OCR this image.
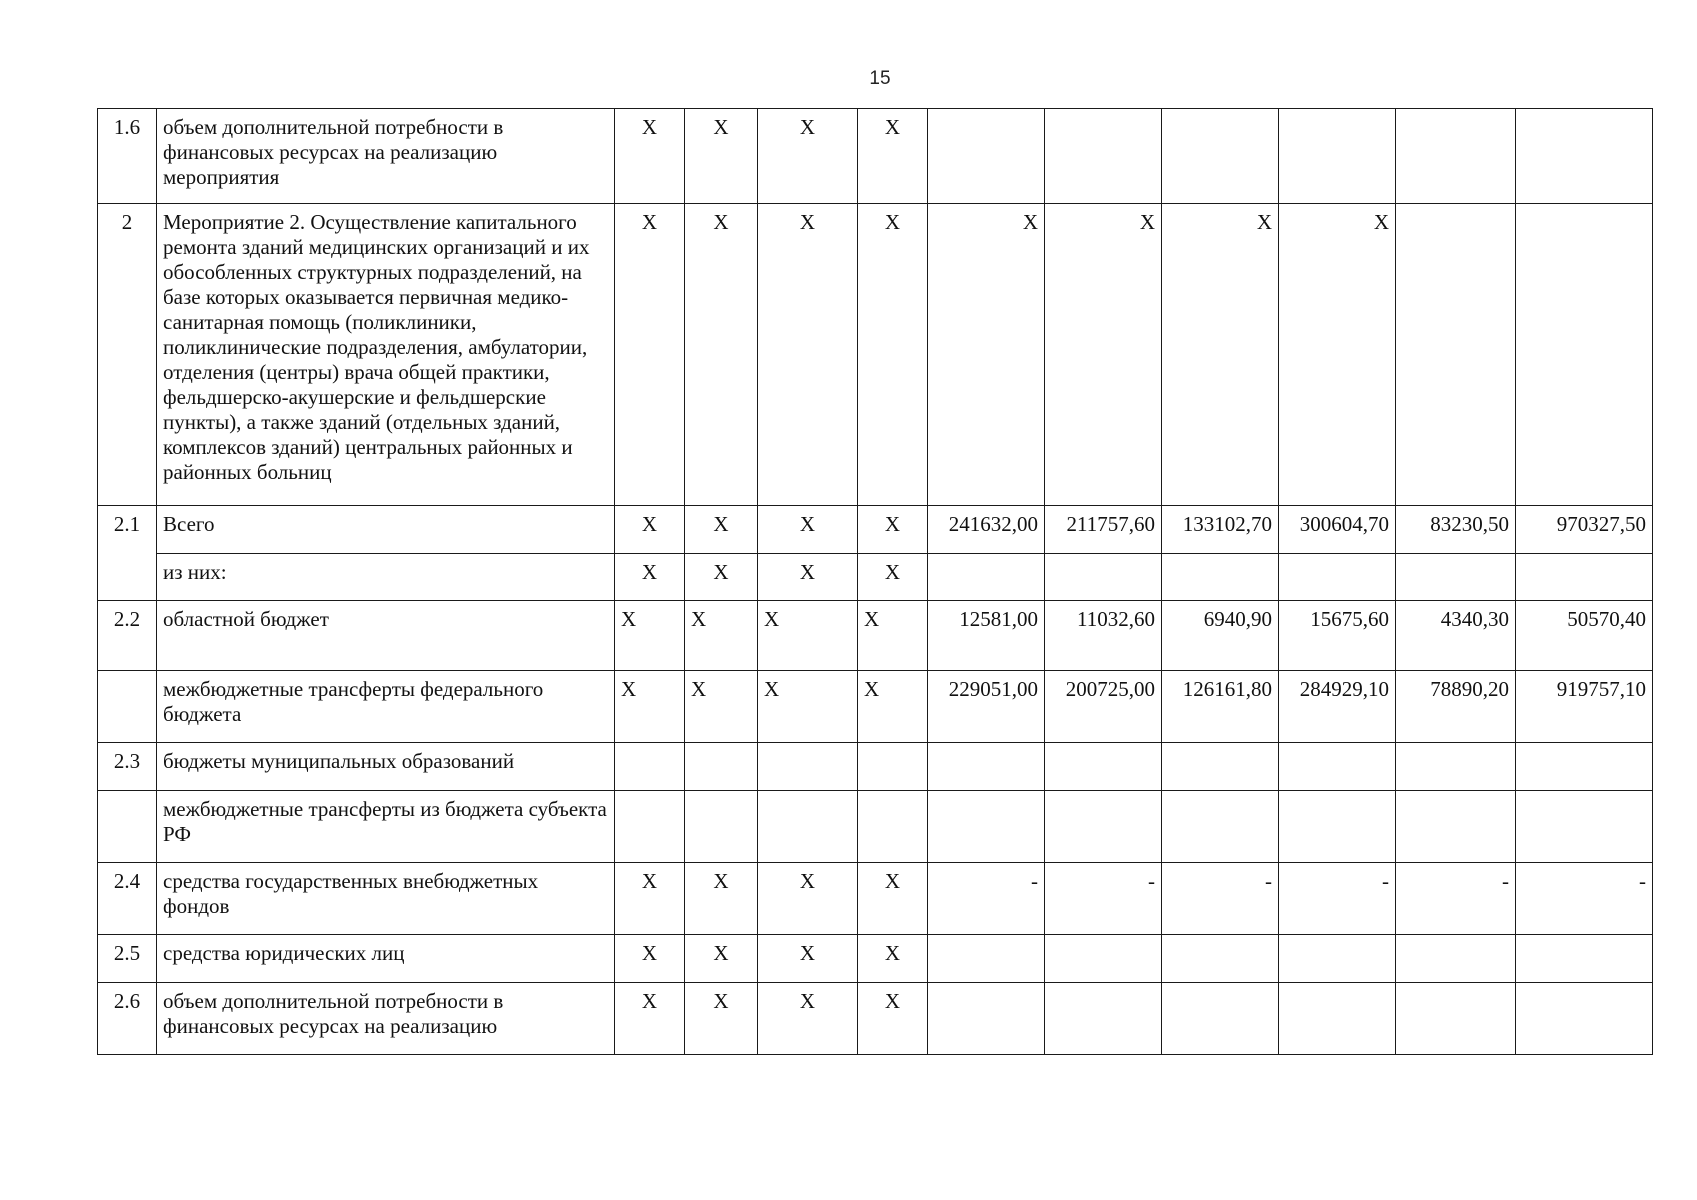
15
1.6	объем дополнительной потребности в финансовых ресурсах на реализацию мероприятия	Х	Х	Х	Х						
2	Мероприятие 2. Осуществление капитального ремонта зданий медицинских организаций и их обособленных структурных подразделений, на базе которых оказывается первичная медико-санитарная помощь (поликлиники, поликлинические подразделения, амбулатории, отделения (центры) врача общей практики, фельдшерско-акушерские и фельдшерские пункты), а также зданий (отдельных зданий, комплексов зданий) центральных районных и районных больниц	Х	Х	Х	Х	Х	Х	Х	Х		
2.1	Всего	Х	Х	Х	Х	241632,00	211757,60	133102,70	300604,70	83230,50	970327,50
	из них:	Х	Х	Х	Х						
2.2	областной бюджет	Х	Х	Х	Х	12581,00	11032,60	6940,90	15675,60	4340,30	50570,40
	межбюджетные трансферты федерального бюджета	Х	Х	Х	Х	229051,00	200725,00	126161,80	284929,10	78890,20	919757,10
2.3	бюджеты муниципальных образований										
	межбюджетные трансферты из бюджета субъекта РФ										
2.4	средства государственных внебюджетных фондов	Х	Х	Х	Х	-	-	-	-	-	-
2.5	средства юридических лиц	Х	Х	Х	Х						
2.6	объем дополнительной потребности в финансовых ресурсах на реализацию	Х	Х	Х	Х						
